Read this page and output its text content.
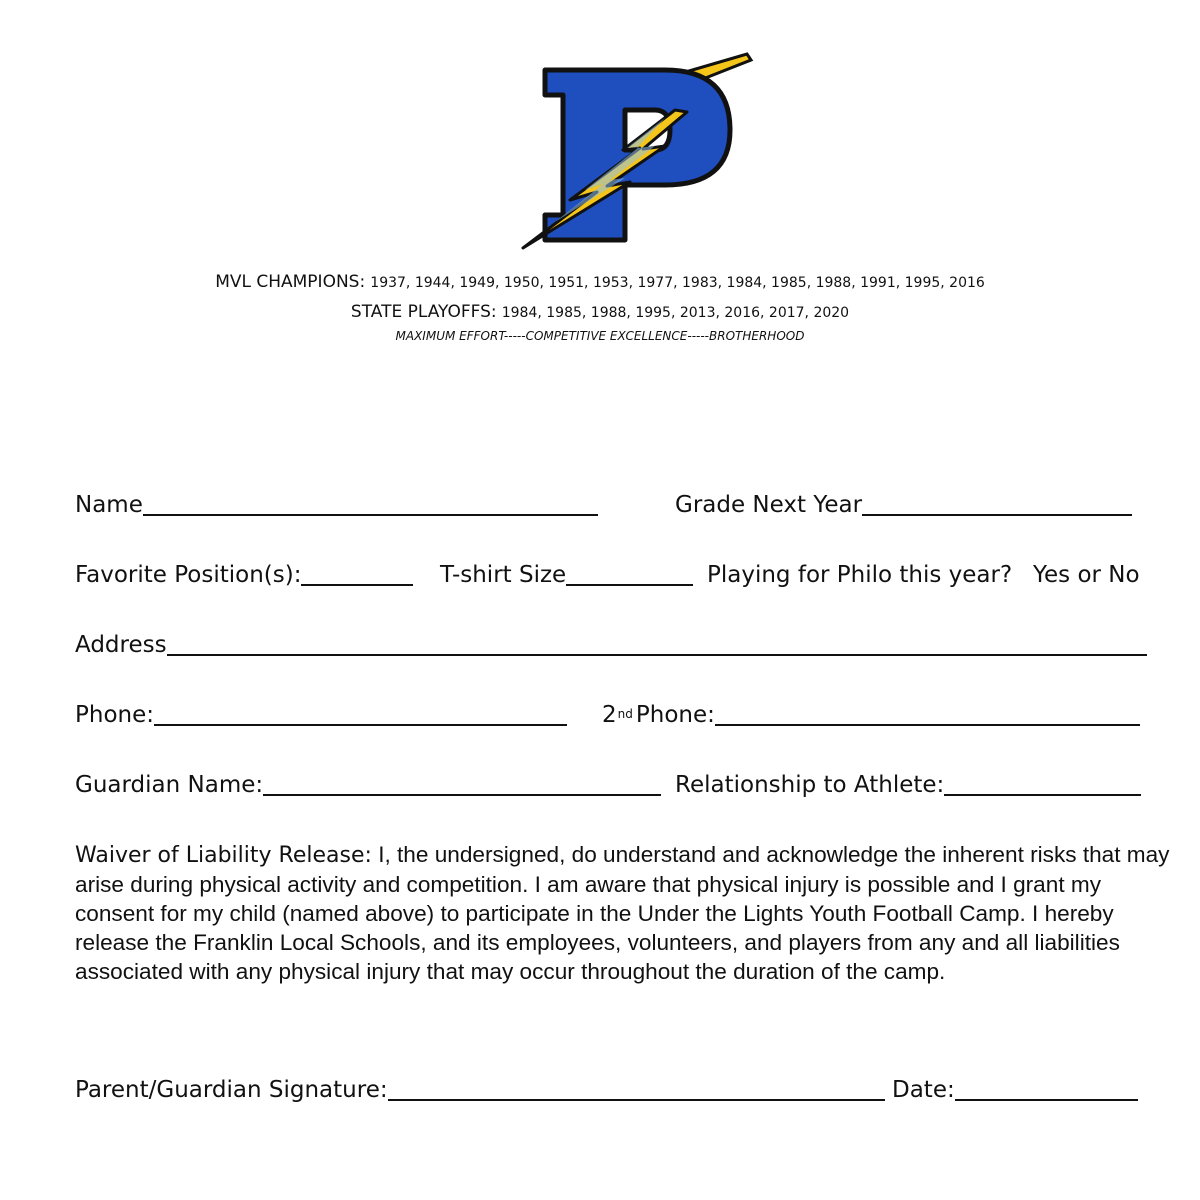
MVL CHAMPIONS: 1937, 1944, 1949, 1950, 1951, 1953, 1977, 1983, 1984, 1985, 1988, 1991, 1995, 2016
STATE PLAYOFFS: 1984, 1985, 1988, 1995, 2013, 2016, 2017, 2020
MAXIMUM EFFORT-----COMPETITIVE EXCELLENCE-----BROTHERHOOD
Name	Grade Next Year
Favorite Position(s):	T-shirt Size	Playing for Philo this year? Yes or No
Address
Phone:	2 nd Phone:
Guardian Name:	Relationship to Athlete:
Waiver of Liability Release: I, the undersigned, do understand and acknowledge the inherent risks that may arise during physical activity and competition. I am aware that physical injury is possible and I grant my consent for my child (named above) to participate in the Under the Lights Youth Football Camp. I hereby release the Franklin Local Schools, and its employees, volunteers, and players from any and all liabilities associated with any physical injury that may occur throughout the duration of the camp.
Parent/Guardian Signature:	Date:
